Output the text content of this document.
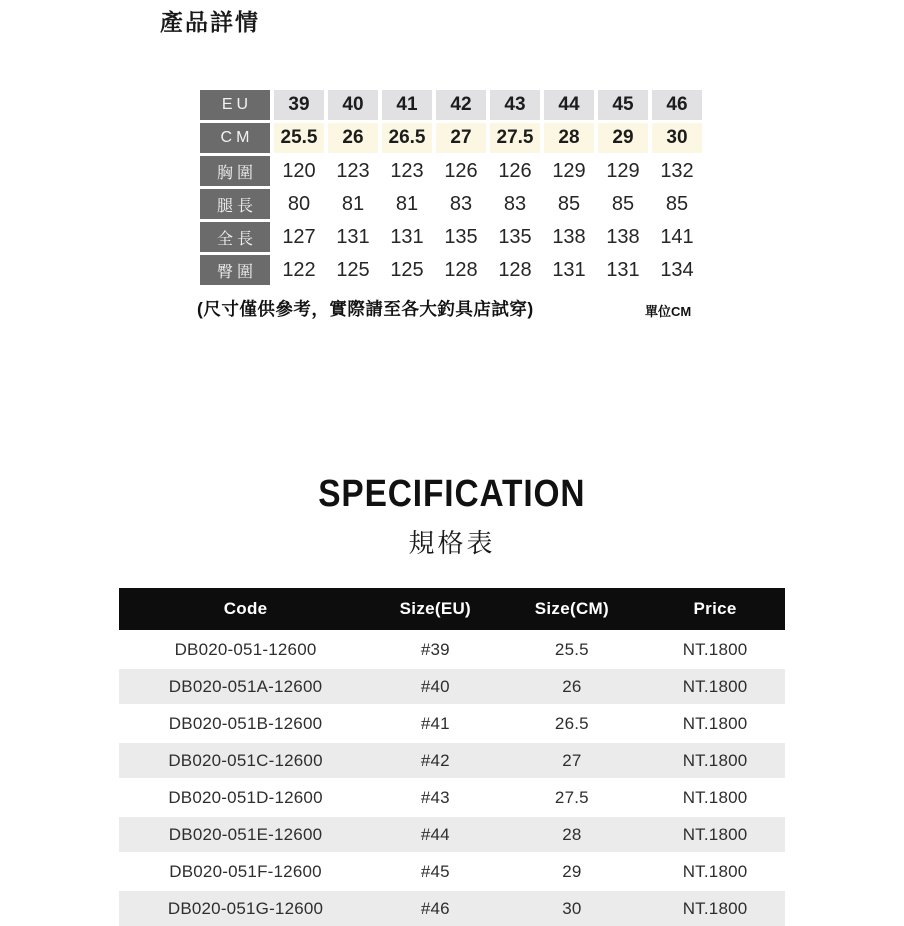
產品詳情
EU	39	40	41	42	43	44	45	46
CM	25.5	26	26.5	27	27.5	28	29	30
胸圍	120	123	123	126	126	129	129	132
腿長	80	81	81	83	83	85	85	85
全長	127	131	131	135	135	138	138	141
臀圍	122	125	125	128	128	131	131	134
(尺寸僅供參考，實際請至各大釣具店試穿)	單位CM
SPECIFICATION
規格表
Code	Size(EU)	Size(CM)	Price
DB020-051-12600	#39	25.5	NT.1800
DB020-051A-12600	#40	26	NT.1800
DB020-051B-12600	#41	26.5	NT.1800
DB020-051C-12600	#42	27	NT.1800
DB020-051D-12600	#43	27.5	NT.1800
DB020-051E-12600	#44	28	NT.1800
DB020-051F-12600	#45	29	NT.1800
DB020-051G-12600	#46	30	NT.1800
